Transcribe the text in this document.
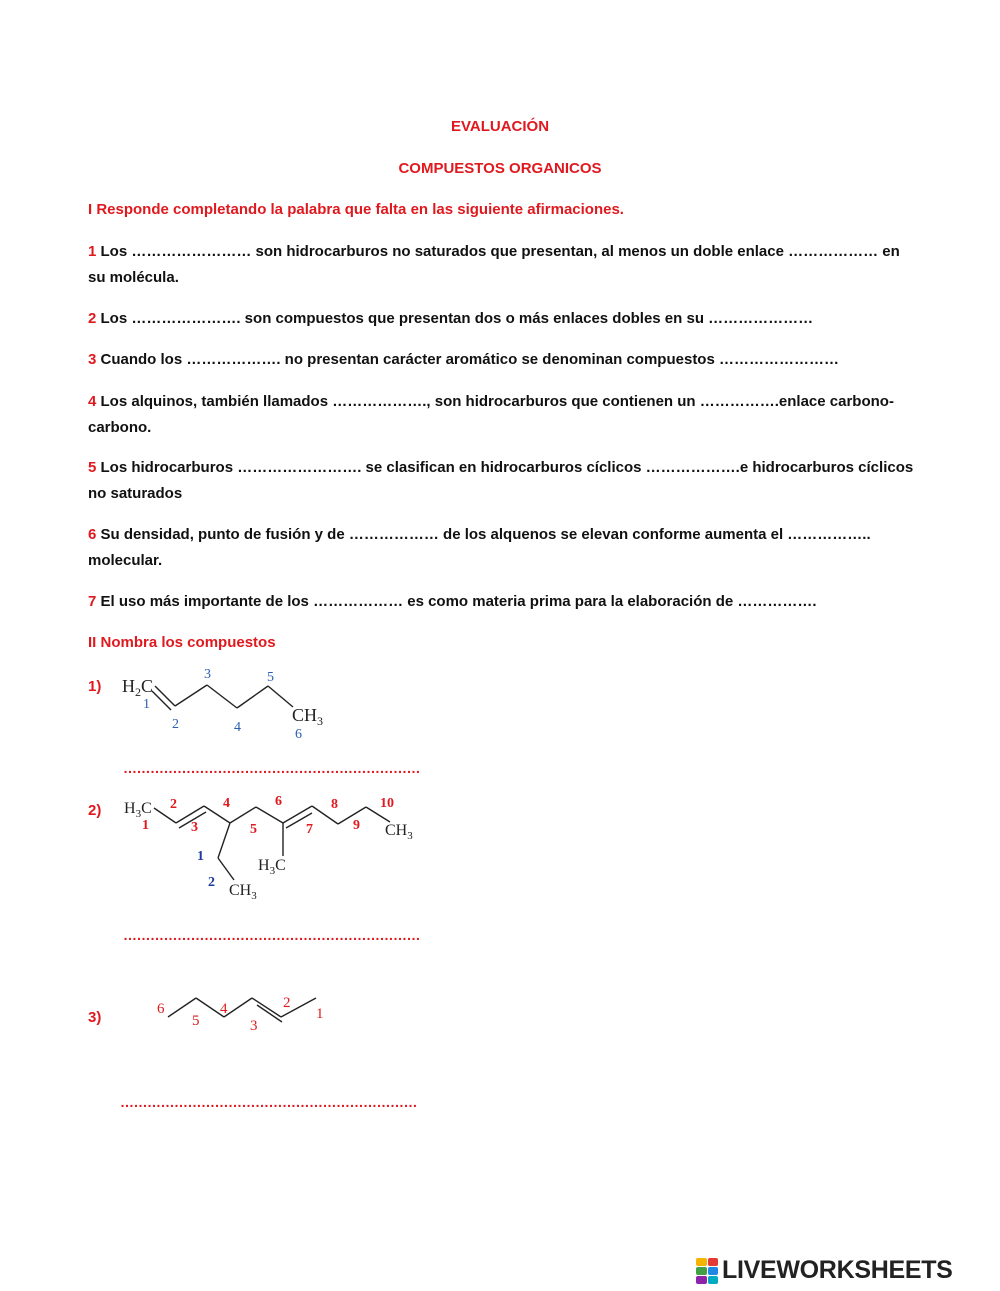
EVALUACIÓN
COMPUESTOS ORGANICOS
I Responde completando la palabra que falta en las siguiente afirmaciones.
1 Los …………………… son hidrocarburos no saturados que presentan, al menos un doble enlace ……………… en su molécula.
2 Los …………………. son compuestos que presentan dos o más enlaces dobles en su …………………
3 Cuando los ………………. no presentan carácter aromático se denominan compuestos ……………………
4 Los alquinos, también llamados ………………., son hidrocarburos que contienen un …………….enlace carbono-carbono.
5 Los hidrocarburos ……………………. se clasifican en hidrocarburos cíclicos ……………….e hidrocarburos cíclicos no saturados
6 Su densidad, punto de fusión y de ……………… de los alquenos se elevan conforme aumenta el …………….. molecular.
7 El uso más importante de los ……………… es como materia prima para la elaboración de …………….
II Nombra los compuestos
1) $H_2C$
$CH_3$
1
2
3
4
5
6
…………………………………………………………
2) $H_3C$
$CH_3$
$H_3C$
$CH_3$
1
2
3
4
5
6
7
8
9
10
1
2
…………………………………………………………
3)	6
5
4
3
2
1
…………………………………………………………
LIVEWORKSHEETS
